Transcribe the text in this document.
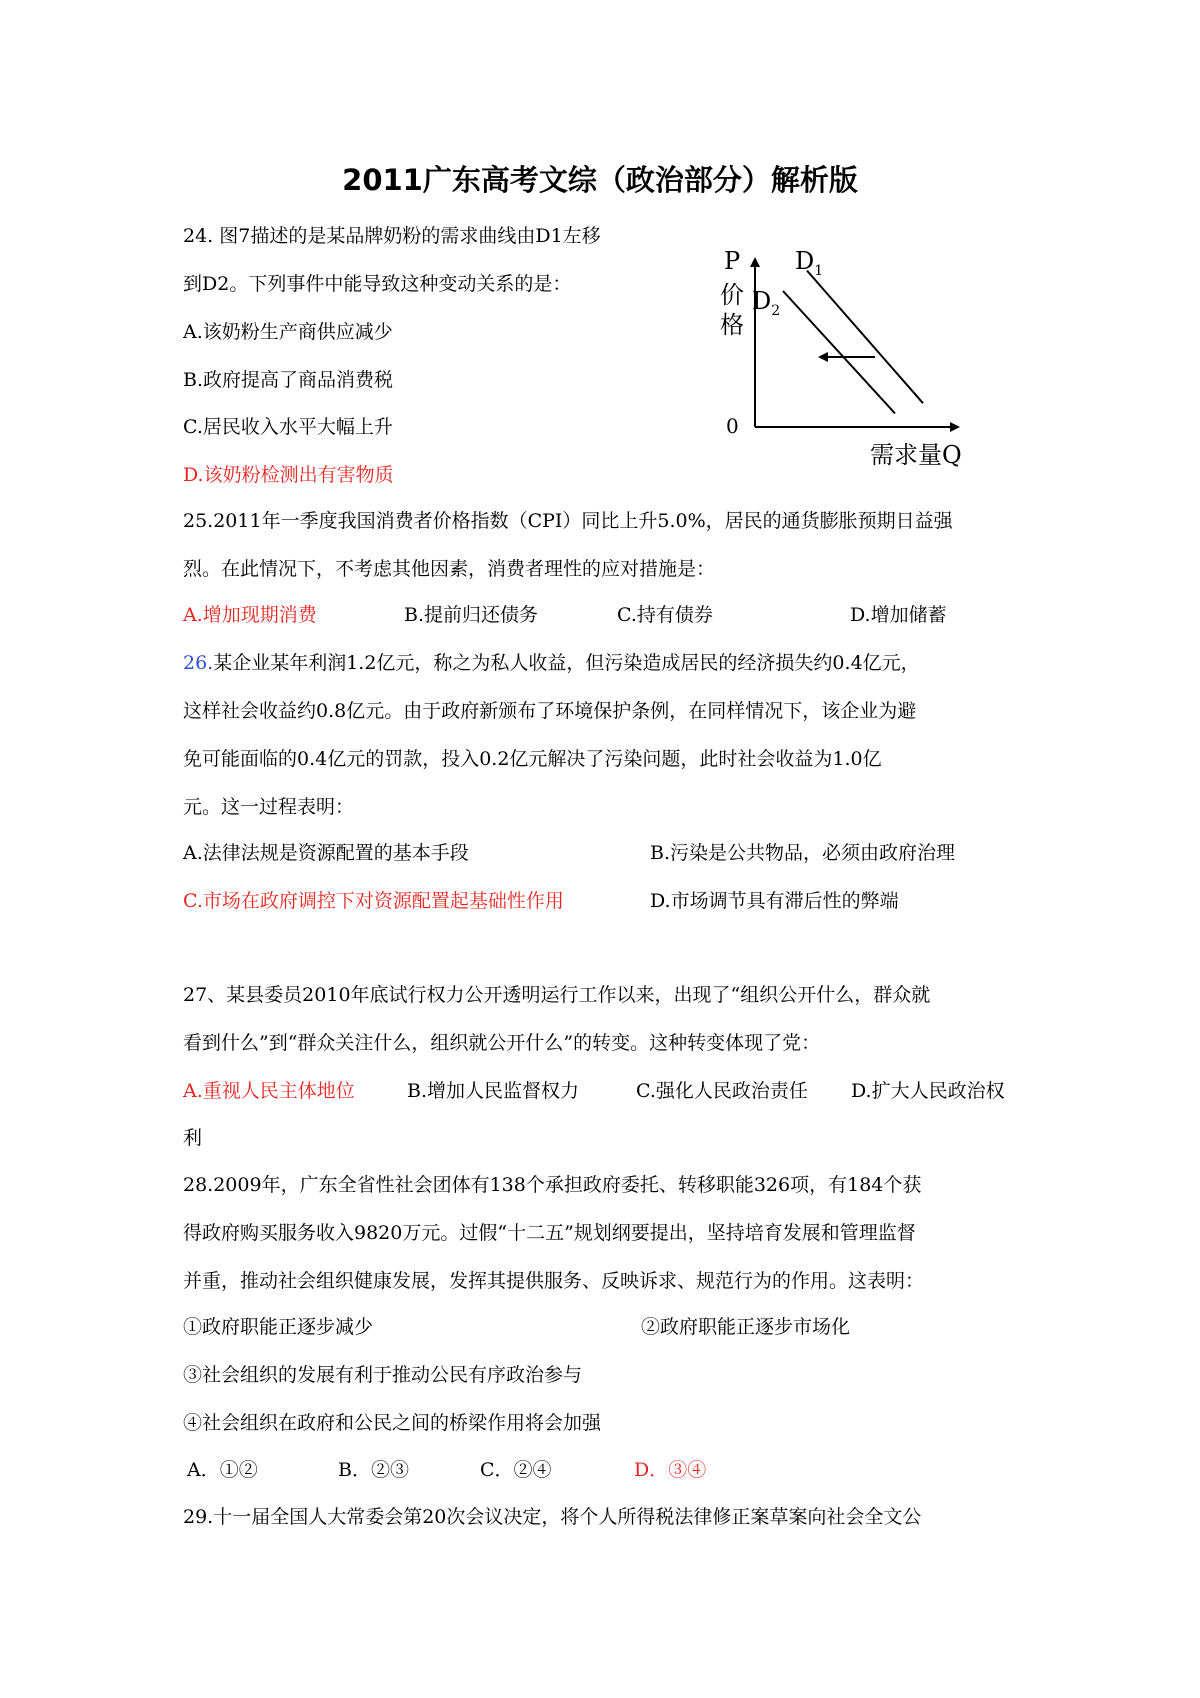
2011广东高考文综（政治部分）解析版
24. 图7描述的是某品牌奶粉的需求曲线由D1左移
到D2。下列事件中能导致这种变动关系的是：
A.该奶粉生产商供应减少
B.政府提高了商品消费税
C.居民收入水平大幅上升
D.该奶粉检测出有害物质
P
价
格
0
需求量Q
$D_1$
$D_2$
25.2011年一季度我国消费者价格指数（CPI）同比上升5.0%，居民的通货膨胀预期日益强
烈。在此情况下，不考虑其他因素，消费者理性的应对措施是：
A.增加现期消费	B.提前归还债务	C.持有债券	D.增加储蓄
26.某企业某年利润1.2亿元，称之为私人收益，但污染造成居民的经济损失约0.4亿元，
这样社会收益约0.8亿元。由于政府新颁布了环境保护条例，在同样情况下，该企业为避
免可能面临的0.4亿元的罚款，投入0.2亿元解决了污染问题，此时社会收益为1.0亿
元。这一过程表明：
A.法律法规是资源配置的基本手段	B.污染是公共物品，必须由政府治理
C.市场在政府调控下对资源配置起基础性作用	D.市场调节具有滞后性的弊端
27、某县委员2010年底试行权力公开透明运行工作以来，出现了“组织公开什么，群众就
看到什么”到“群众关注什么，组织就公开什么”的转变。这种转变体现了党：
A.重视人民主体地位	B.增加人民监督权力	C.强化人民政治责任 D.扩大人民政治权
利
28.2009年，广东全省性社会团体有138个承担政府委托、转移职能326项，有184个获
得政府购买服务收入9820万元。过假“十二五”规划纲要提出，坚持培育发展和管理监督
并重，推动社会组织健康发展，发挥其提供服务、反映诉求、规范行为的作用。这表明：
①政府职能正逐步减少	②政府职能正逐步市场化
③社会组织的发展有利于推动公民有序政治参与
④社会组织在政府和公民之间的桥梁作用将会加强
A．①②	B．②③	C．②④	D．③④
29.十一届全国人大常委会第20次会议决定，将个人所得税法律修正案草案向社会全文公
